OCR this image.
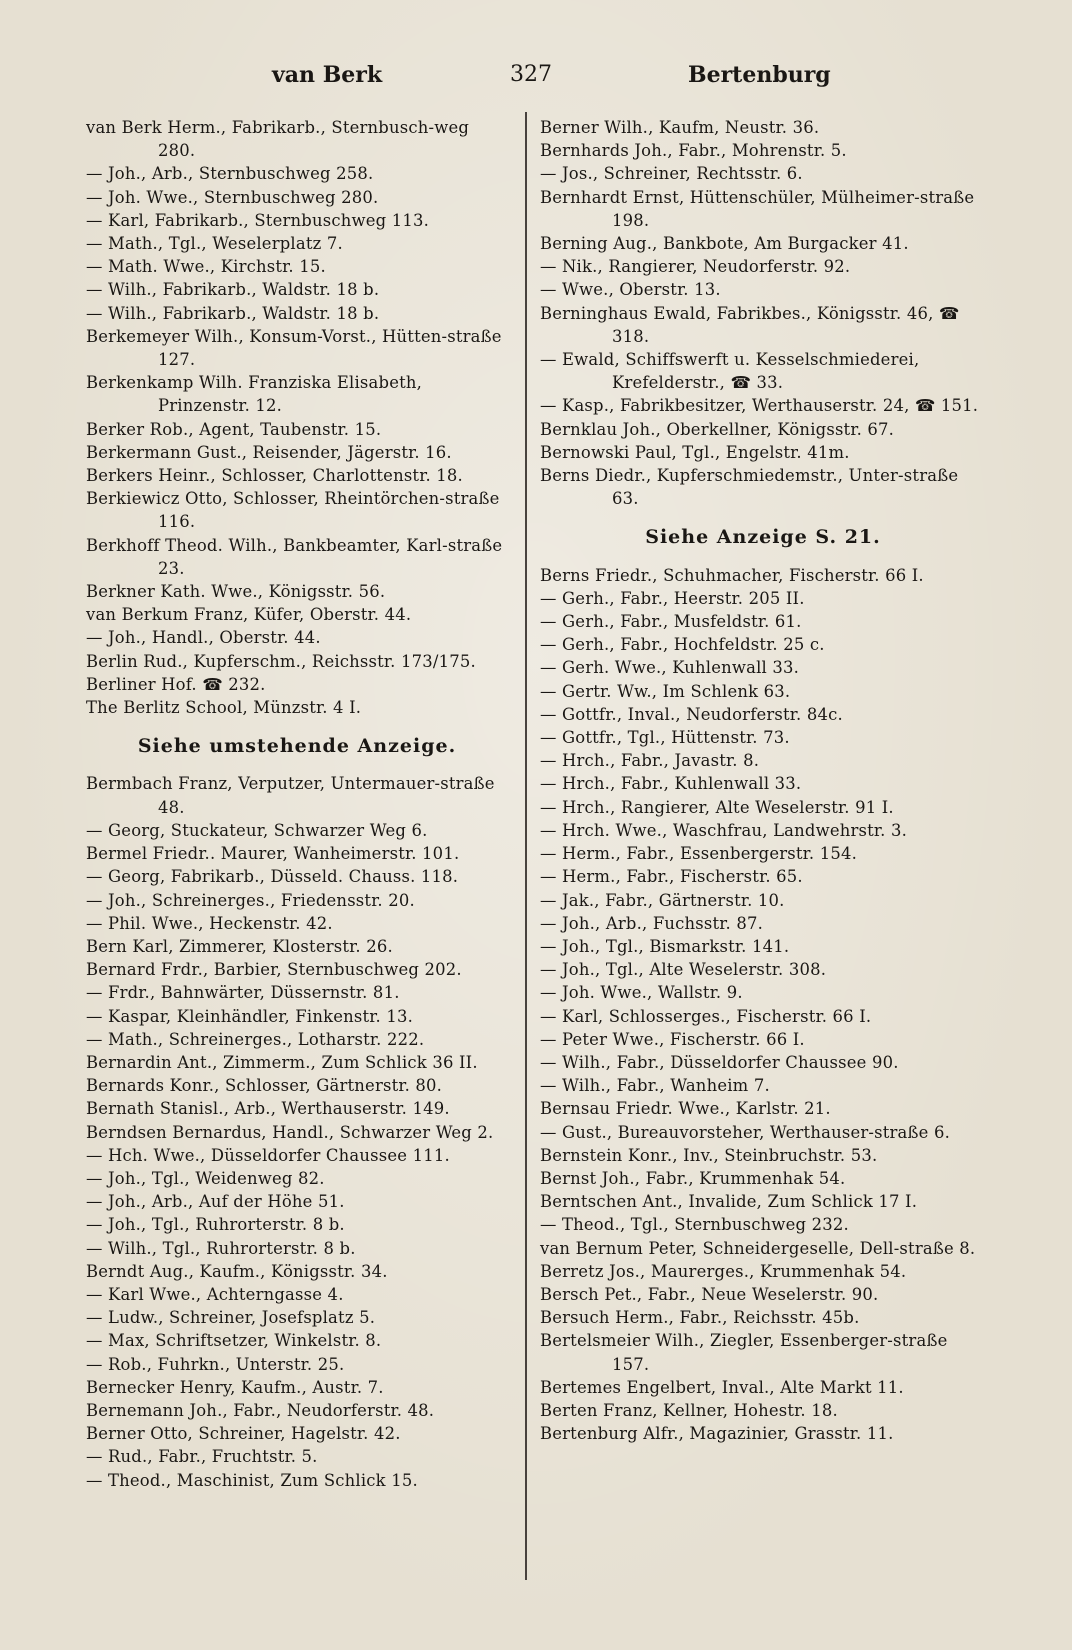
van Berk	327	Bertenburg
van Berk Herm., Fabrikarb., Sternbusch-weg 280.
— Joh., Arb., Sternbuschweg 258.
— Joh. Wwe., Sternbuschweg 280.
— Karl, Fabrikarb., Sternbuschweg 113.
— Math., Tgl., Weselerplatz 7.
— Math. Wwe., Kirchstr. 15.
— Wilh., Fabrikarb., Waldstr. 18 b.
— Wilh., Fabrikarb., Waldstr. 18 b.
Berkemeyer Wilh., Konsum-Vorst., Hütten-straße 127.
Berkenkamp Wilh. Franziska Elisabeth, Prinzenstr. 12.
Berker Rob., Agent, Taubenstr. 15.
Berkermann Gust., Reisender, Jägerstr. 16.
Berkers Heinr., Schlosser, Charlottenstr. 18.
Berkiewicz Otto, Schlosser, Rheintörchen-straße 116.
Berkhoff Theod. Wilh., Bankbeamter, Karl-straße 23.
Berkner Kath. Wwe., Königsstr. 56.
van Berkum Franz, Küfer, Oberstr. 44.
— Joh., Handl., Oberstr. 44.
Berlin Rud., Kupferschm., Reichsstr. 173/175.
Berliner Hof. ☎ 232.
The Berlitz School, Münzstr. 4 I.
Siehe umstehende Anzeige.
Bermbach Franz, Verputzer, Untermauer-straße 48.
— Georg, Stuckateur, Schwarzer Weg 6.
Bermel Friedr.. Maurer, Wanheimerstr. 101.
— Georg, Fabrikarb., Düsseld. Chauss. 118.
— Joh., Schreinerges., Friedensstr. 20.
— Phil. Wwe., Heckenstr. 42.
Bern Karl, Zimmerer, Klosterstr. 26.
Bernard Frdr., Barbier, Sternbuschweg 202.
— Frdr., Bahnwärter, Düssernstr. 81.
— Kaspar, Kleinhändler, Finkenstr. 13.
— Math., Schreinerges., Lotharstr. 222.
Bernardin Ant., Zimmerm., Zum Schlick 36 II.
Bernards Konr., Schlosser, Gärtnerstr. 80.
Bernath Stanisl., Arb., Werthauserstr. 149.
Berndsen Bernardus, Handl., Schwarzer Weg 2.
— Hch. Wwe., Düsseldorfer Chaussee 111.
— Joh., Tgl., Weidenweg 82.
— Joh., Arb., Auf der Höhe 51.
— Joh., Tgl., Ruhrorterstr. 8 b.
— Wilh., Tgl., Ruhrorterstr. 8 b.
Berndt Aug., Kaufm., Königsstr. 34.
— Karl Wwe., Achterngasse 4.
— Ludw., Schreiner, Josefsplatz 5.
— Max, Schriftsetzer, Winkelstr. 8.
— Rob., Fuhrkn., Unterstr. 25.
Bernecker Henry, Kaufm., Austr. 7.
Bernemann Joh., Fabr., Neudorferstr. 48.
Berner Otto, Schreiner, Hagelstr. 42.
— Rud., Fabr., Fruchtstr. 5.
— Theod., Maschinist, Zum Schlick 15.
Berner Wilh., Kaufm, Neustr. 36.
Bernhards Joh., Fabr., Mohrenstr. 5.
— Jos., Schreiner, Rechtsstr. 6.
Bernhardt Ernst, Hüttenschüler, Mülheimer-straße 198.
Berning Aug., Bankbote, Am Burgacker 41.
— Nik., Rangierer, Neudorferstr. 92.
— Wwe., Oberstr. 13.
Berninghaus Ewald, Fabrikbes., Königsstr. 46, ☎ 318.
— Ewald, Schiffswerft u. Kesselschmiederei, Krefelderstr., ☎ 33.
— Kasp., Fabrikbesitzer, Werthauserstr. 24, ☎ 151.
Bernklau Joh., Oberkellner, Königsstr. 67.
Bernowski Paul, Tgl., Engelstr. 41m.
Berns Diedr., Kupferschmiedemstr., Unter-straße 63.
Siehe Anzeige S. 21.
Berns Friedr., Schuhmacher, Fischerstr. 66 I.
— Gerh., Fabr., Heerstr. 205 II.
— Gerh., Fabr., Musfeldstr. 61.
— Gerh., Fabr., Hochfeldstr. 25 c.
— Gerh. Wwe., Kuhlenwall 33.
— Gertr. Ww., Im Schlenk 63.
— Gottfr., Inval., Neudorferstr. 84c.
— Gottfr., Tgl., Hüttenstr. 73.
— Hrch., Fabr., Javastr. 8.
— Hrch., Fabr., Kuhlenwall 33.
— Hrch., Rangierer, Alte Weselerstr. 91 I.
— Hrch. Wwe., Waschfrau, Landwehrstr. 3.
— Herm., Fabr., Essenbergerstr. 154.
— Herm., Fabr., Fischerstr. 65.
— Jak., Fabr., Gärtnerstr. 10.
— Joh., Arb., Fuchsstr. 87.
— Joh., Tgl., Bismarkstr. 141.
— Joh., Tgl., Alte Weselerstr. 308.
— Joh. Wwe., Wallstr. 9.
— Karl, Schlosserges., Fischerstr. 66 I.
— Peter Wwe., Fischerstr. 66 I.
— Wilh., Fabr., Düsseldorfer Chaussee 90.
— Wilh., Fabr., Wanheim 7.
Bernsau Friedr. Wwe., Karlstr. 21.
— Gust., Bureauvorsteher, Werthauser-straße 6.
Bernstein Konr., Inv., Steinbruchstr. 53.
Bernst Joh., Fabr., Krummenhak 54.
Berntschen Ant., Invalide, Zum Schlick 17 I.
— Theod., Tgl., Sternbuschweg 232.
van Bernum Peter, Schneidergeselle, Dell-straße 8.
Berretz Jos., Maurerges., Krummenhak 54.
Bersch Pet., Fabr., Neue Weselerstr. 90.
Bersuch Herm., Fabr., Reichsstr. 45b.
Bertelsmeier Wilh., Ziegler, Essenberger-straße 157.
Bertemes Engelbert, Inval., Alte Markt 11.
Berten Franz, Kellner, Hohestr. 18.
Bertenburg Alfr., Magazinier, Grasstr. 11.
